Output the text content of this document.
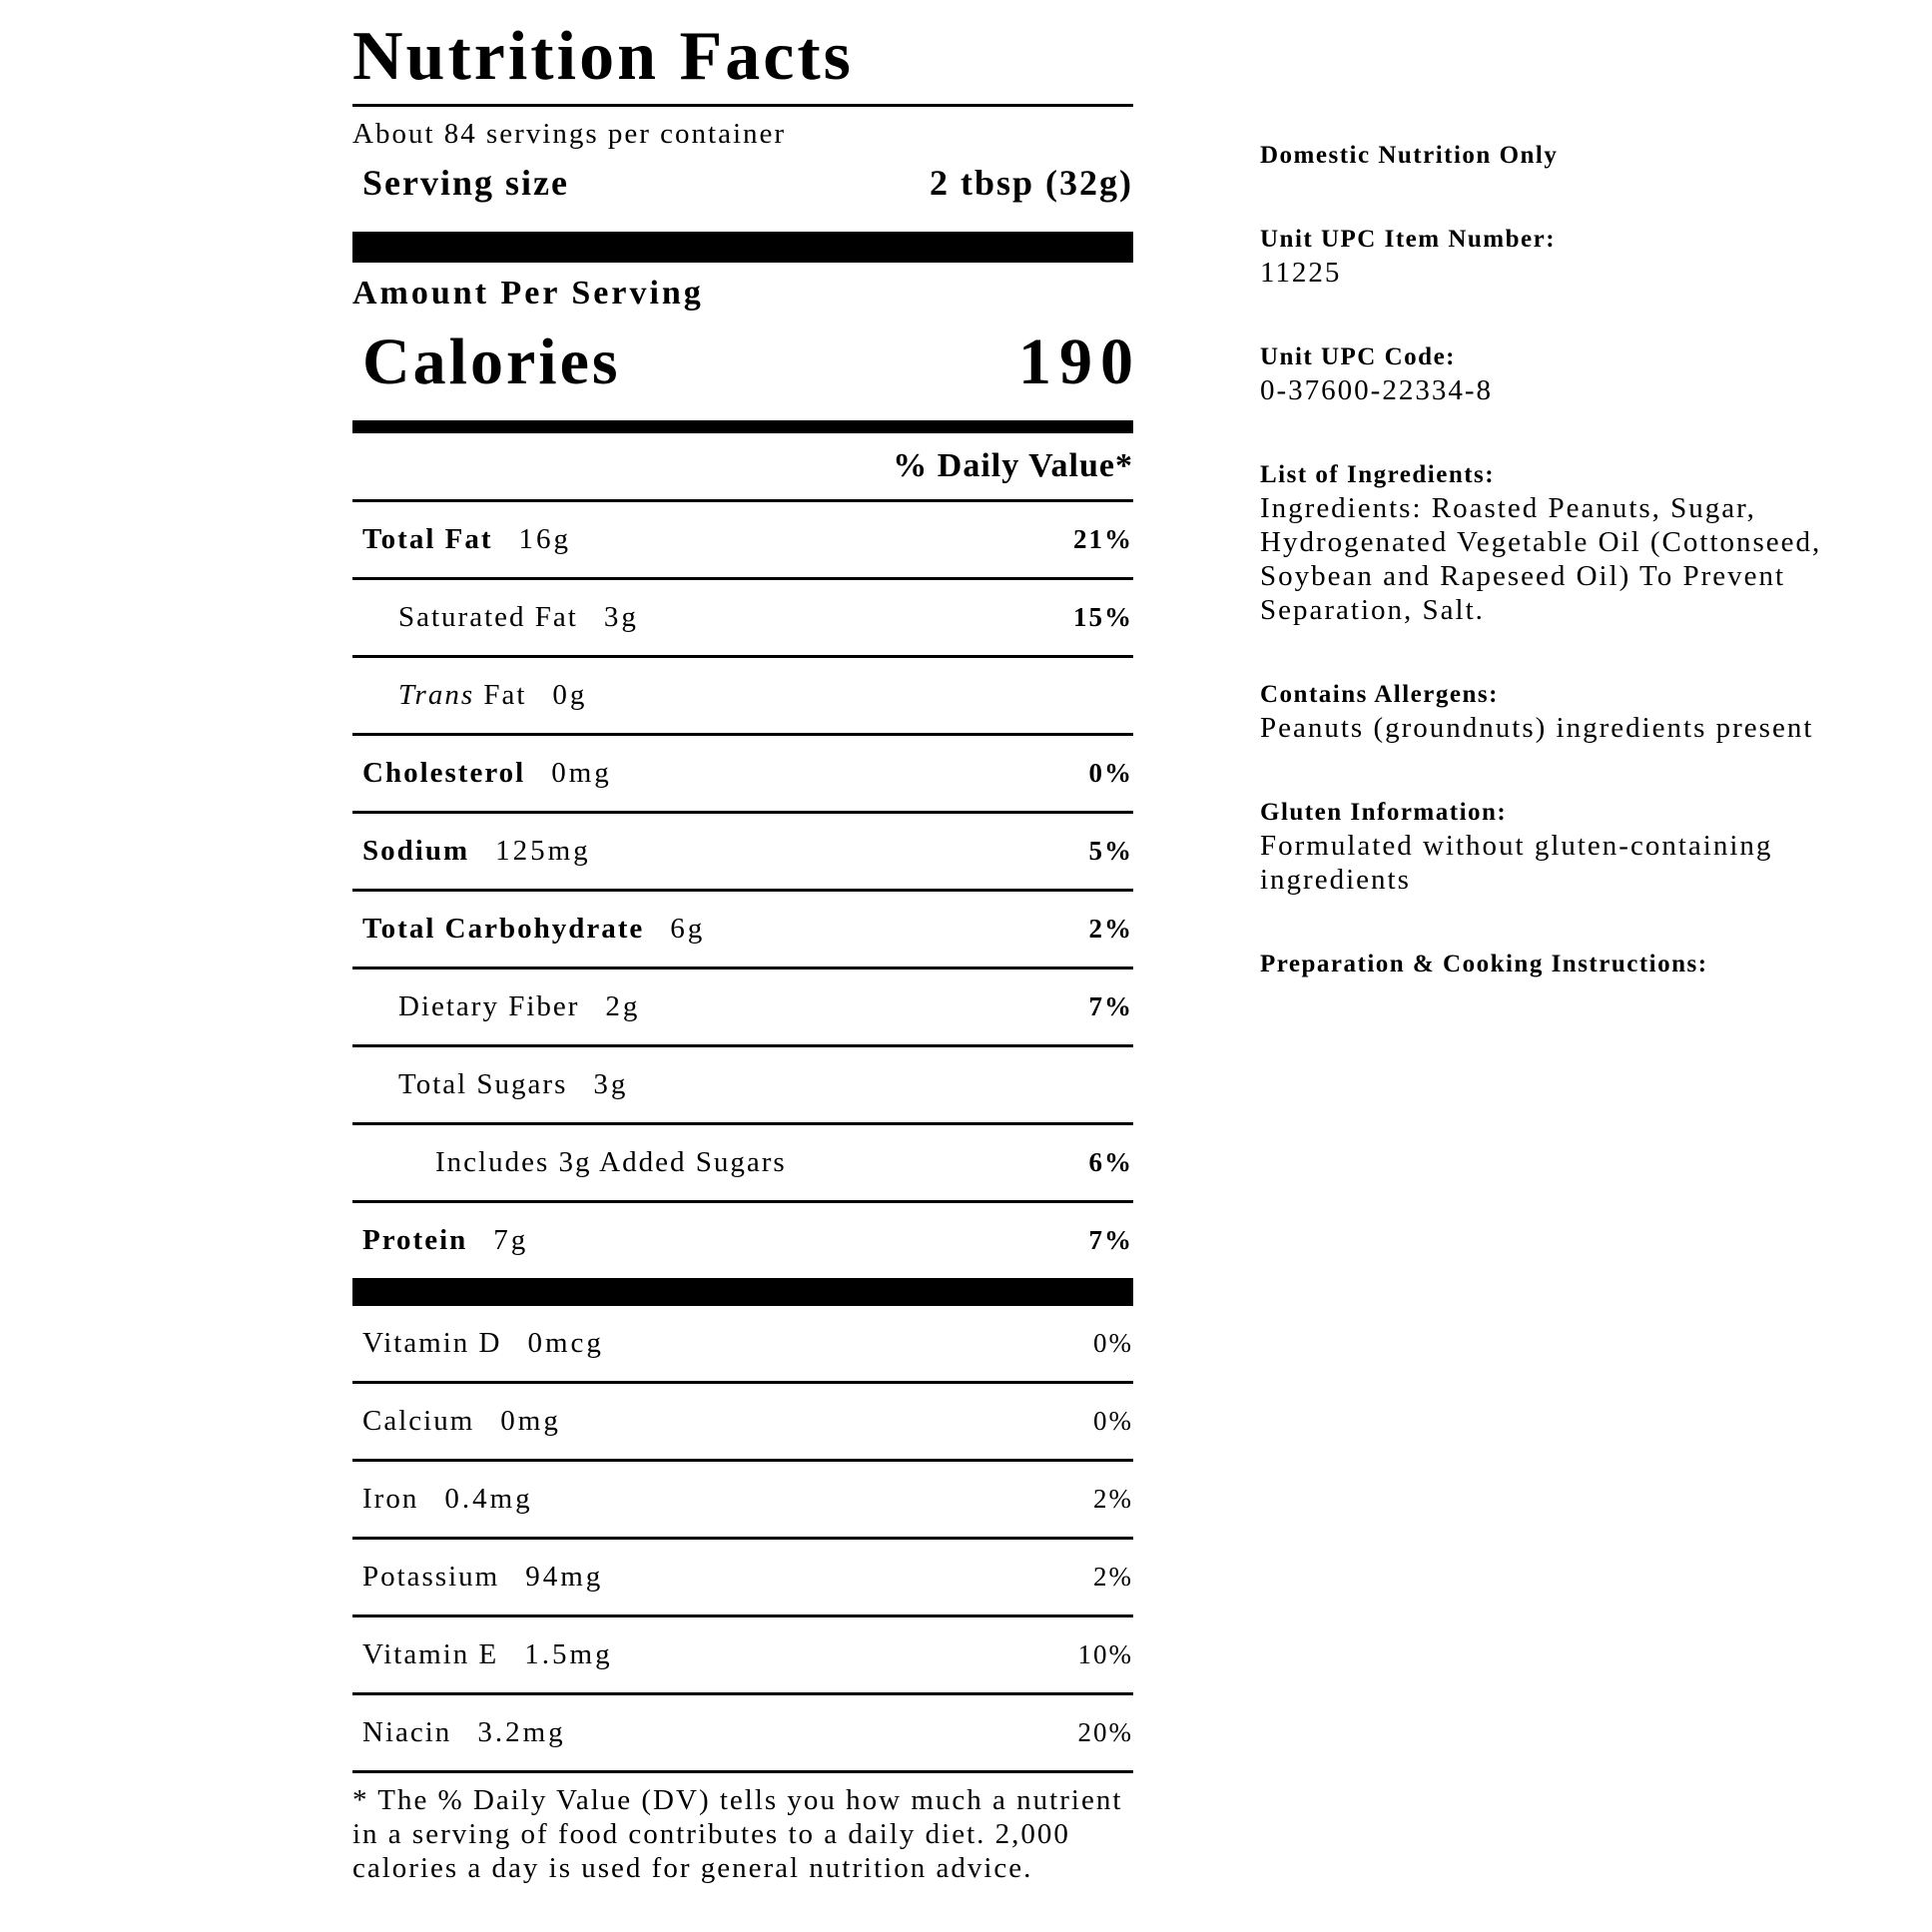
Nutrition Facts
About 84 servings per container
Serving size	2 tbsp (32g)
Amount Per Serving
Calories	190
% Daily Value*
Total Fat 16g	21%
Saturated Fat 3g	15%
Trans Fat 0g
Cholesterol 0mg	0%
Sodium 125mg	5%
Total Carbohydrate 6g	2%
Dietary Fiber 2g	7%
Total Sugars 3g
Includes 3g Added Sugars	6%
Protein 7g	7%
Vitamin D 0mcg	0%
Calcium 0mg	0%
Iron 0.4mg	2%
Potassium 94mg	2%
Vitamin E 1.5mg	10%
Niacin 3.2mg	20%
* The % Daily Value (DV) tells you how much a nutrient in a serving of food contributes to a daily diet. 2,000 calories a day is used for general nutrition advice.
Domestic Nutrition Only
Unit UPC Item Number:
11225
Unit UPC Code:
0-37600-22334-8
List of Ingredients:
Ingredients: Roasted Peanuts, Sugar, Hydrogenated Vegetable Oil (Cottonseed, Soybean and Rapeseed Oil) To Prevent Separation, Salt.
Contains Allergens:
Peanuts (groundnuts) ingredients present
Gluten Information:
Formulated without gluten-containing ingredients
Preparation & Cooking Instructions:
